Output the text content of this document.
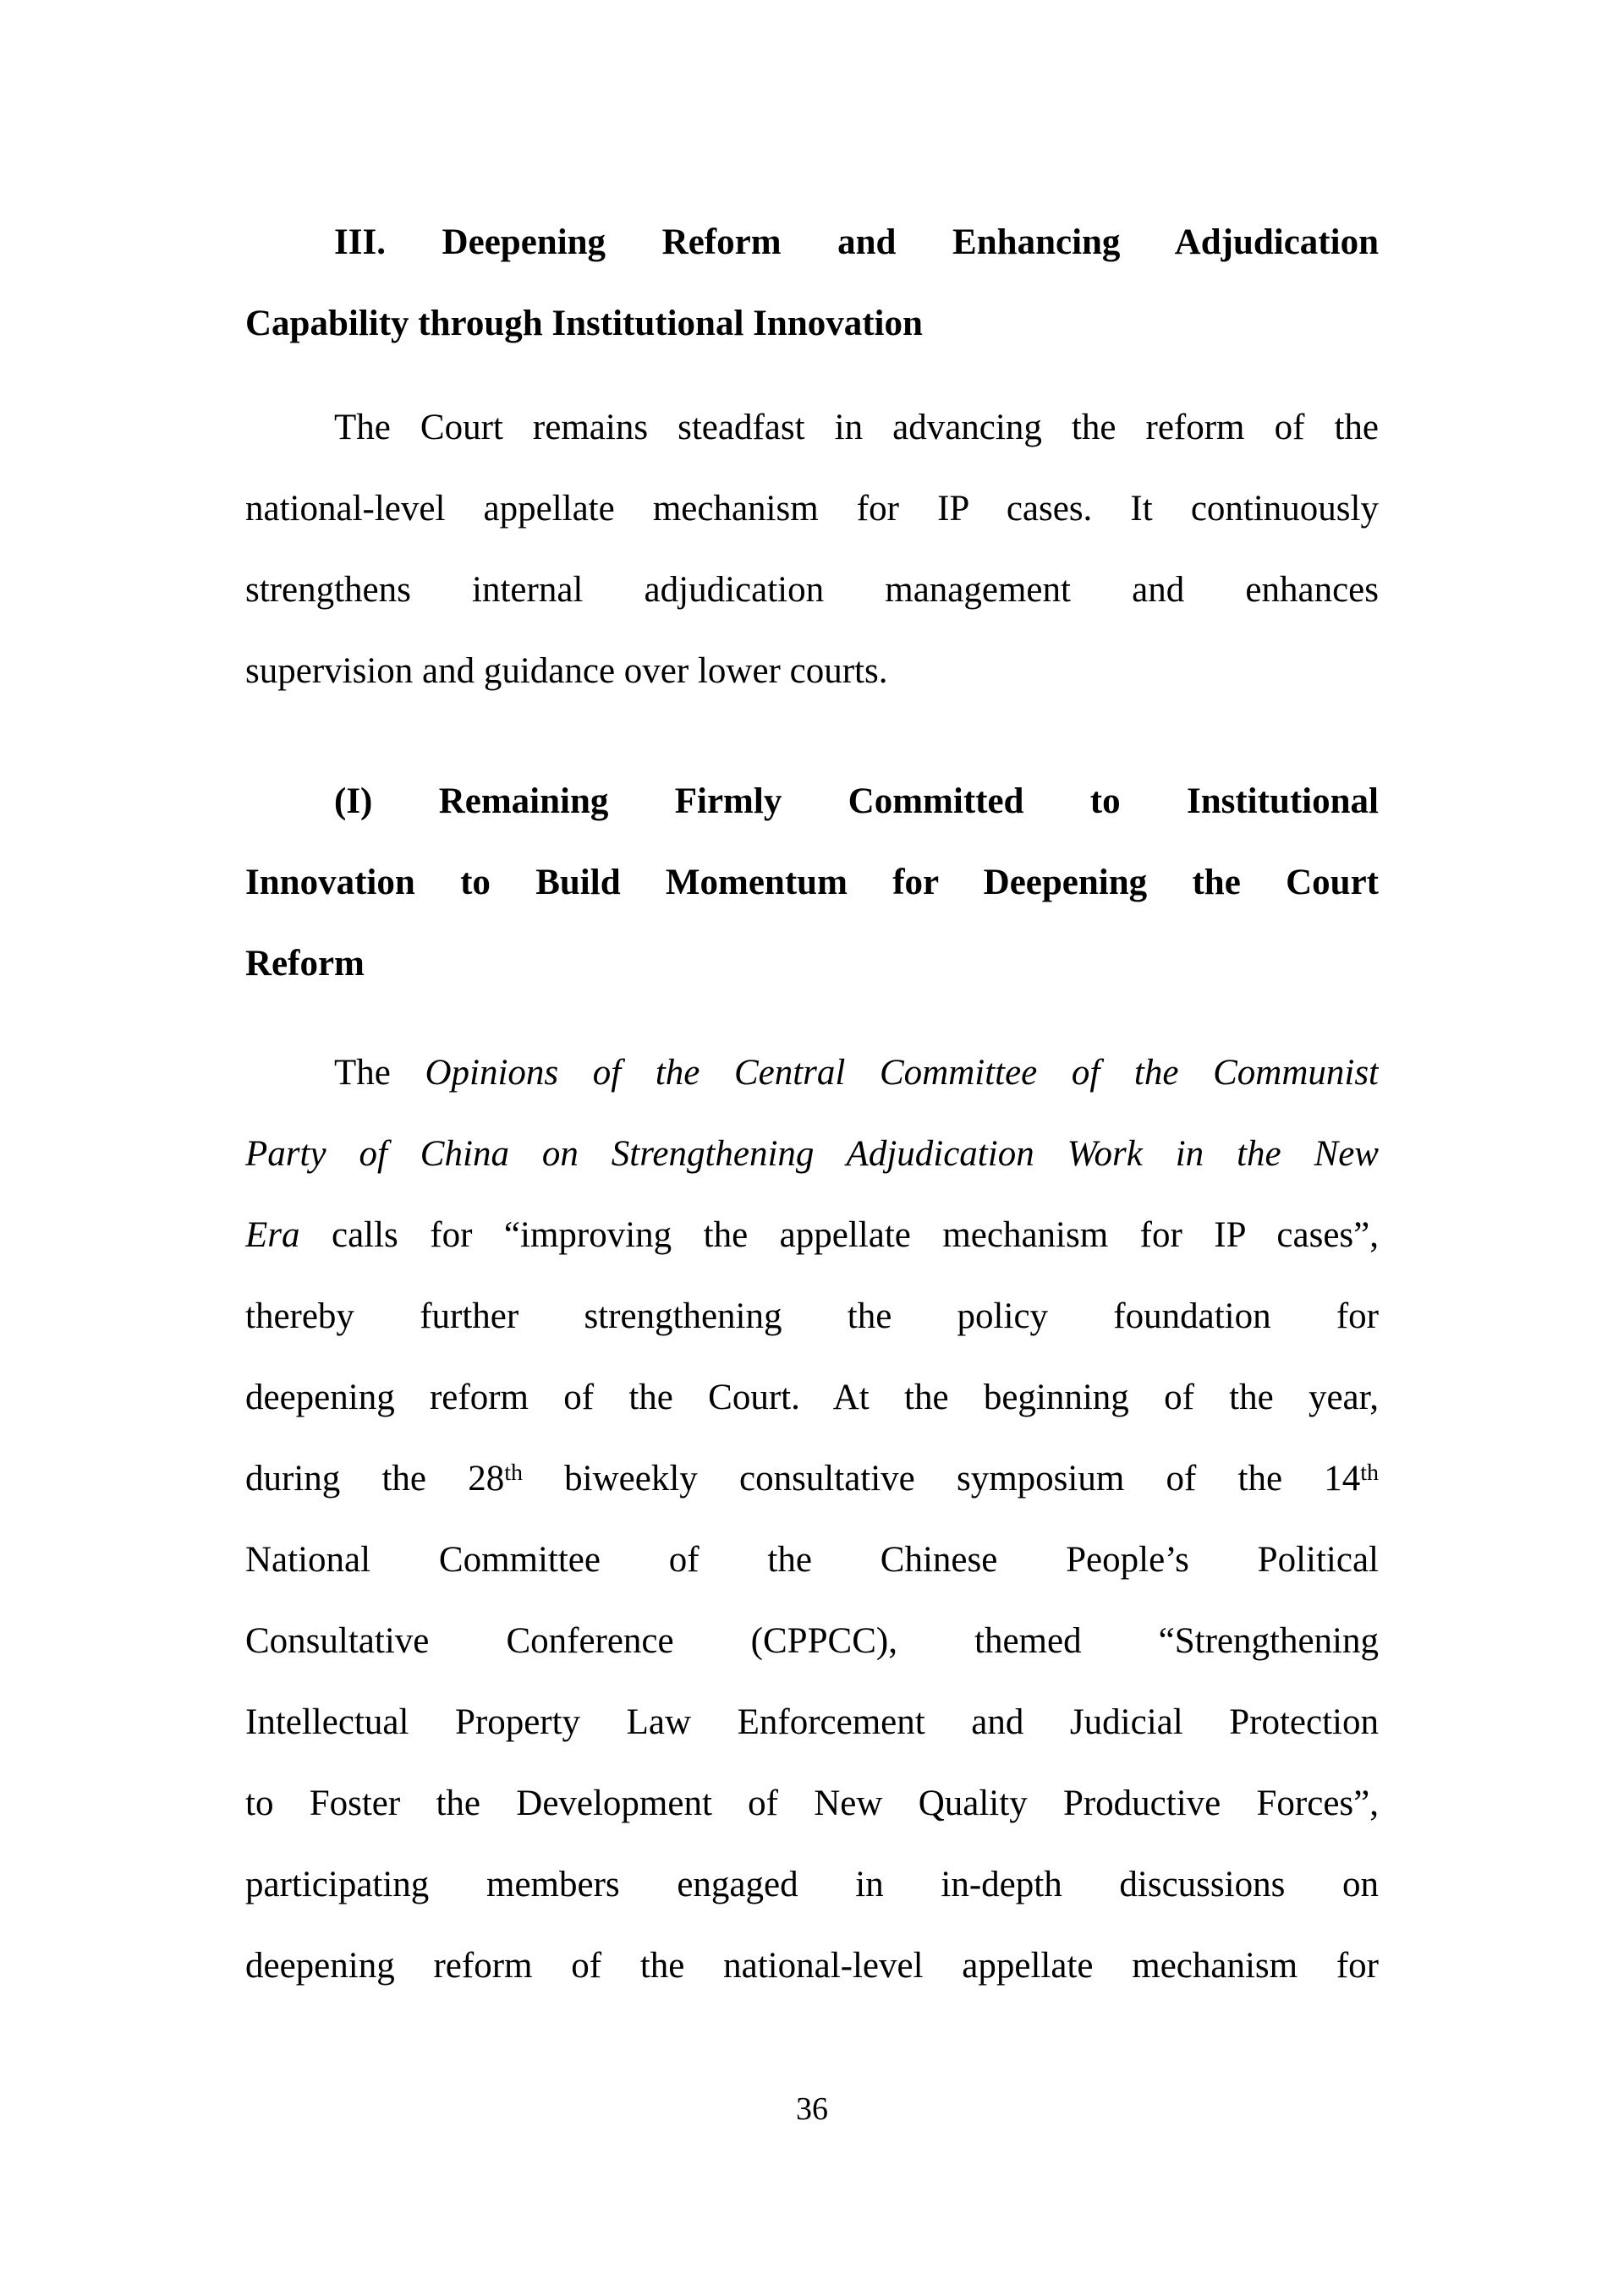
III. Deepening Reform and Enhancing Adjudication
Capability through Institutional Innovation
The Court remains steadfast in advancing the reform of the
national-level appellate mechanism for IP cases. It continuously
strengthens internal adjudication management and enhances
supervision and guidance over lower courts.
(I) Remaining Firmly Committed to Institutional
Innovation to Build Momentum for Deepening the Court
Reform
The Opinions of the Central Committee of the Communist
Party of China on Strengthening Adjudication Work in the New
Era calls for “improving the appellate mechanism for IP cases”,
thereby further strengthening the policy foundation for
deepening reform of the Court. At the beginning of the year,
during the 28th biweekly consultative symposium of the 14th
National Committee of the Chinese People’s Political
Consultative Conference (CPPCC), themed “Strengthening
Intellectual Property Law Enforcement and Judicial Protection
to Foster the Development of New Quality Productive Forces”,
participating members engaged in in-depth discussions on
deepening reform of the national-level appellate mechanism for
36
